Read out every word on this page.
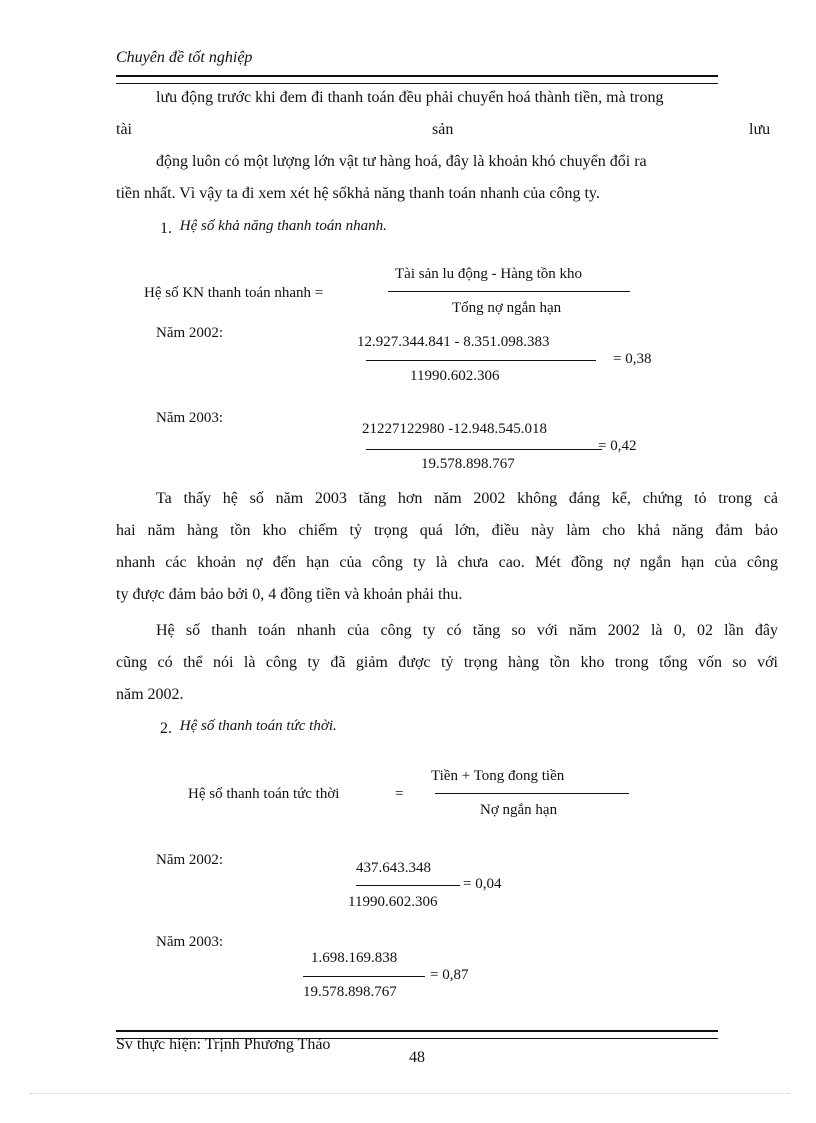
Chuyên đề tốt nghiệp
lưu động trước khi đem đi thanh toán đều phải chuyển hoá thành tiền, mà trong
tài	sản	lưu
động luôn có một lượng lớn vật tư hàng hoá, đây là khoản khó chuyển đổi ra
tiền nhất. Vì vậy ta đi xem xét hệ sốkhả năng thanh toán nhanh của công ty.
1. Hệ số khả năng thanh toán nhanh.
Hệ số KN thanh toán nhanh =
Tài sản lu động - Hàng tồn kho
Tổng nợ ngắn hạn
Năm 2002:
12.927.344.841 - 8.351.098.383
= 0,38
11990.602.306
Năm 2003:
21227122980 -12.948.545.018
= 0,42
19.578.898.767
Ta thấy hệ số năm 2003 tăng hơn năm 2002 không đáng kể, chứng tỏ trong cả
hai năm hàng tồn kho chiếm tỷ trọng quá lớn, điều này làm cho khả năng đảm bảo
nhanh các khoản nợ đến hạn của công ty là chưa cao. Mét đồng nợ ngắn hạn của công
ty được đảm bảo bởi 0, 4 đồng tiền và khoản phải thu.
Hệ số thanh toán nhanh của công ty có tăng so với năm 2002 là 0, 02 lần đây
cũng có thể nói là công ty đã giảm được tỷ trọng hàng tồn kho trong tổng vốn so với
năm 2002.
2. Hệ số thanh toán tức thời.
Hệ số thanh toán tức thời	=
Tiền + Tong đong tiền
Nợ ngắn hạn
Năm 2002:	437.643.348
= 0,04
11990.602.306
Năm 2003:
1.698.169.838
= 0,87
19.578.898.767
Sv thực hiện: Trịnh Phương Thảo
48
